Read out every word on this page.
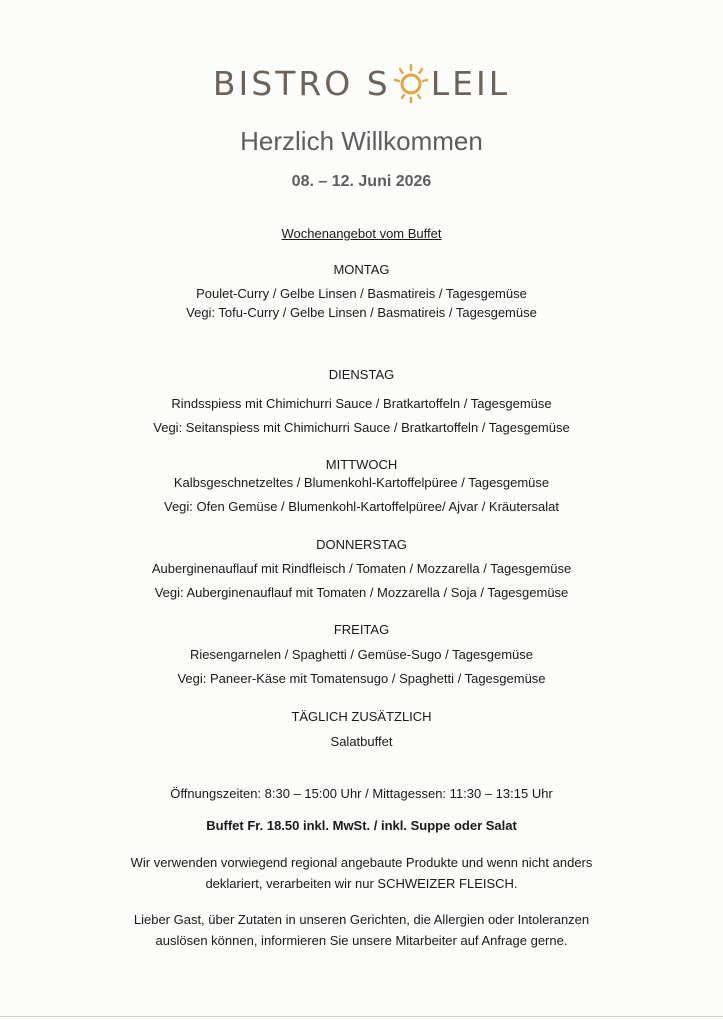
BISTRO S LEIL
Herzlich Willkommen
08. – 12. Juni 2026
Wochenangebot vom Buffet
MONTAG
Poulet-Curry / Gelbe Linsen / Basmatireis / Tagesgemüse
Vegi: Tofu-Curry / Gelbe Linsen / Basmatireis / Tagesgemüse
DIENSTAG
Rindsspiess mit Chimichurri Sauce / Bratkartoffeln / Tagesgemüse
Vegi: Seitanspiess mit Chimichurri Sauce / Bratkartoffeln / Tagesgemüse
MITTWOCH
Kalbsgeschnetzeltes / Blumenkohl-Kartoffelpüree / Tagesgemüse
Vegi: Ofen Gemüse / Blumenkohl-Kartoffelpüree/ Ajvar / Kräutersalat
DONNERSTAG
Auberginenauflauf mit Rindfleisch / Tomaten / Mozzarella / Tagesgemüse
Vegi: Auberginenauflauf mit Tomaten / Mozzarella / Soja / Tagesgemüse
FREITAG
Riesengarnelen / Spaghetti / Gemüse-Sugo / Tagesgemüse
Vegi: Paneer-Käse mit Tomatensugo / Spaghetti / Tagesgemüse
TÄGLICH ZUSÄTZLICH
Salatbuffet
Öffnungszeiten: 8:30 – 15:00 Uhr / Mittagessen: 11:30 – 13:15 Uhr
Buffet Fr. 18.50 inkl. MwSt. / inkl. Suppe oder Salat
Wir verwenden vorwiegend regional angebaute Produkte und wenn nicht anders deklariert, verarbeiten wir nur SCHWEIZER FLEISCH.
Lieber Gast, über Zutaten in unseren Gerichten, die Allergien oder Intoleranzen auslösen können, informieren Sie unsere Mitarbeiter auf Anfrage gerne.
